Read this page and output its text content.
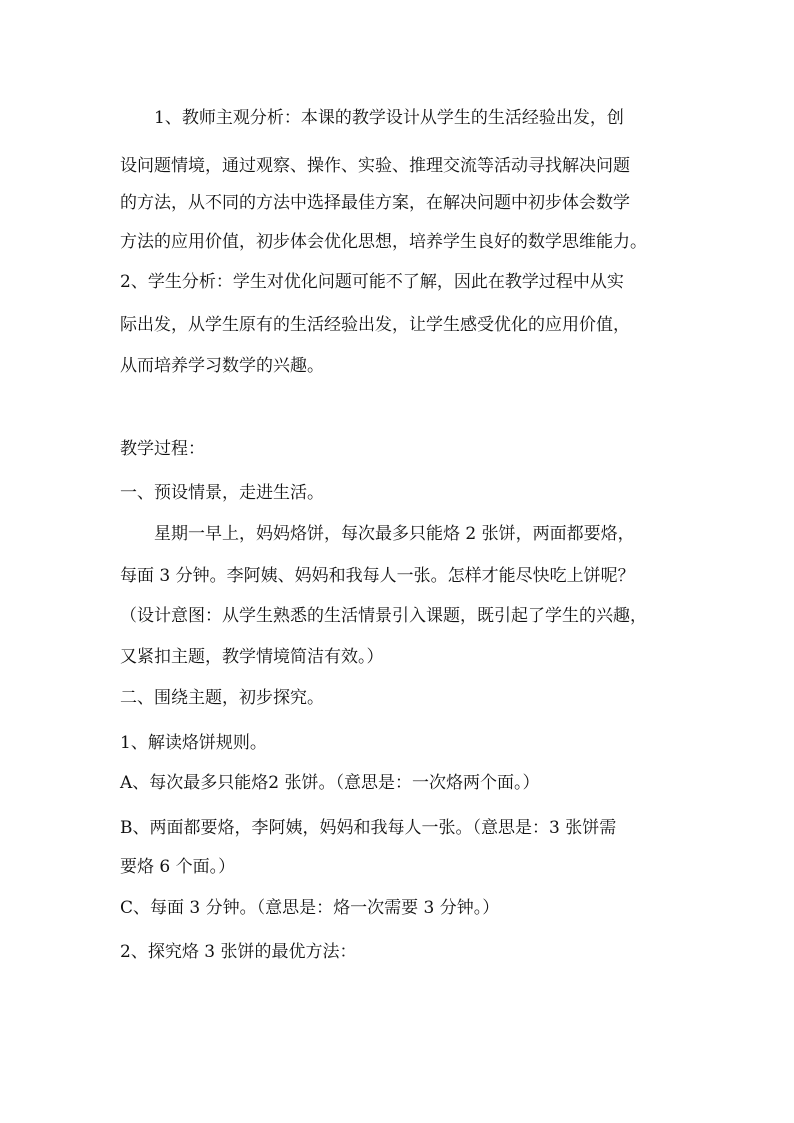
1、教师主观分析：本课的教学设计从学生的生活经验出发，创
设问题情境，通过观察、操作、实验、推理交流等活动寻找解决问题
的方法，从不同的方法中选择最佳方案，在解决问题中初步体会数学
方法的应用价值，初步体会优化思想，培养学生良好的数学思维能力。
2、学生分析：学生对优化问题可能不了解，因此在教学过程中从实
际出发，从学生原有的生活经验出发，让学生感受优化的应用价值，
从而培养学习数学的兴趣。
教学过程：
一、预设情景，走进生活。
星期一早上，妈妈烙饼，每次最多只能烙 2 张饼，两面都要烙，
每面 3 分钟。李阿姨、妈妈和我每人一张。怎样才能尽快吃上饼呢？
（设计意图：从学生熟悉的生活情景引入课题，既引起了学生的兴趣，
又紧扣主题，教学情境简洁有效。）
二、围绕主题，初步探究。
1、解读烙饼规则。
A、每次最多只能烙2 张饼。（意思是：一次烙两个面。）
B、两面都要烙，李阿姨，妈妈和我每人一张。（意思是：3 张饼需
要烙 6 个面。）
C、每面 3 分钟。（意思是：烙一次需要 3 分钟。）
2、探究烙 3 张饼的最优方法：
